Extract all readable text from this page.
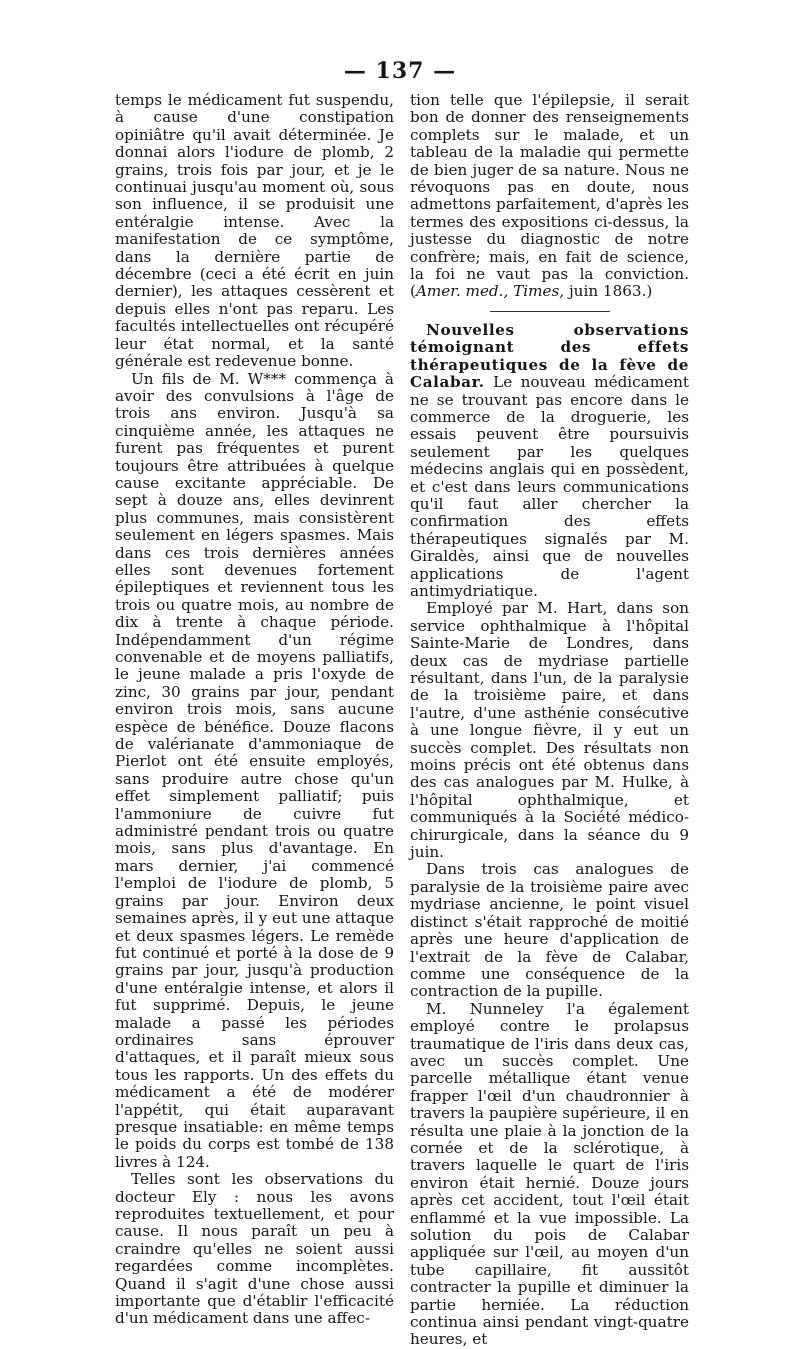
— 137 —

temps le médicament fut suspendu, à cause d'une constipation opiniâtre qu'il avait déterminée. Je donnai alors l'iodure de plomb, 2 grains, trois fois par jour, et je le continuai jusqu'au moment où, sous son influence, il se produisit une entéralgie intense. Avec la manifestation de ce symptôme, dans la dernière partie de décembre (ceci a été écrit en juin dernier), les attaques cessèrent et depuis elles n'ont pas reparu. Les facultés intellectuelles ont récupéré leur état normal, et la santé générale est redevenue bonne.

Un fils de M. W*** commença à avoir des convulsions à l'âge de trois ans environ. Jusqu'à sa cinquième année, les attaques ne furent pas fréquentes et purent toujours être attribuées à quelque cause excitante appréciable. De sept à douze ans, elles devinrent plus communes, mais consistèrent seulement en légers spasmes. Mais dans ces trois dernières années elles sont devenues fortement épileptiques et reviennent tous les trois ou quatre mois, au nombre de dix à trente à chaque période. Indépendamment d'un régime convenable et de moyens palliatifs, le jeune malade a pris l'oxyde de zinc, 30 grains par jour, pendant environ trois mois, sans aucune espèce de bénéfice. Douze flacons de valérianate d'ammoniaque de Pierlot ont été ensuite employés, sans produire autre chose qu'un effet simplement palliatif; puis l'ammoniure de cuivre fut administré pendant trois ou quatre mois, sans plus d'avantage. En mars dernier, j'ai commencé l'emploi de l'iodure de plomb, 5 grains par jour. Environ deux semaines après, il y eut une attaque et deux spasmes légers. Le remède fut continué et porté à la dose de 9 grains par jour, jusqu'à production d'une entéralgie intense, et alors il fut supprimé. Depuis, le jeune malade a passé les périodes ordinaires sans éprouver d'attaques, et il paraît mieux sous tous les rapports. Un des effets du médicament a été de modérer l'appétit, qui était auparavant presque insatiable: en même temps le poids du corps est tombé de 138 livres à 124.

Telles sont les observations du docteur Ely : nous les avons reproduites textuellement, et pour cause. Il nous paraît un peu à craindre qu'elles ne soient aussi regardées comme incomplètes. Quand il s'agit d'une chose aussi importante que d'établir l'efficacité d'un médicament dans une affec-

tion telle que l'épilepsie, il serait bon de donner des renseignements complets sur le malade, et un tableau de la maladie qui permette de bien juger de sa nature. Nous ne révoquons pas en doute, nous admettons parfaitement, d'après les termes des expositions ci-dessus, la justesse du diagnostic de notre confrère; mais, en fait de science, la foi ne vaut pas la conviction. (Amer. med., Times, juin 1863.)

Nouvelles observations témoignant des effets thérapeutiques de la fève de Calabar. Le nouveau médicament ne se trouvant pas encore dans le commerce de la droguerie, les essais peuvent être poursuivis seulement par les quelques médecins anglais qui en possèdent, et c'est dans leurs communications qu'il faut aller chercher la confirmation des effets thérapeutiques signalés par M. Giraldès, ainsi que de nouvelles applications de l'agent antimydriatique.

Employé par M. Hart, dans son service ophthalmique à l'hôpital Sainte-Marie de Londres, dans deux cas de mydriase partielle résultant, dans l'un, de la paralysie de la troisième paire, et dans l'autre, d'une asthénie consécutive à une longue fièvre, il y eut un succès complet. Des résultats non moins précis ont été obtenus dans des cas analogues par M. Hulke, à l'hôpital ophthalmique, et communiqués à la Société médico-chirurgicale, dans la séance du 9 juin.

Dans trois cas analogues de paralysie de la troisième paire avec mydriase ancienne, le point visuel distinct s'était rapproché de moitié après une heure d'application de l'extrait de la fève de Calabar, comme une conséquence de la contraction de la pupille.

M. Nunneley l'a également employé contre le prolapsus traumatique de l'iris dans deux cas, avec un succès complet. Une parcelle métallique étant venue frapper l'œil d'un chaudronnier à travers la paupière supérieure, il en résulta une plaie à la jonction de la cornée et de la sclérotique, à travers laquelle le quart de l'iris environ était hernié. Douze jours après cet accident, tout l'œil était enflammé et la vue impossible. La solution du pois de Calabar appliquée sur l'œil, au moyen d'un tube capillaire, fit aussitôt contracter la pupille et diminuer la partie herniée. La réduction continua ainsi pendant vingt-quatre heures, et
